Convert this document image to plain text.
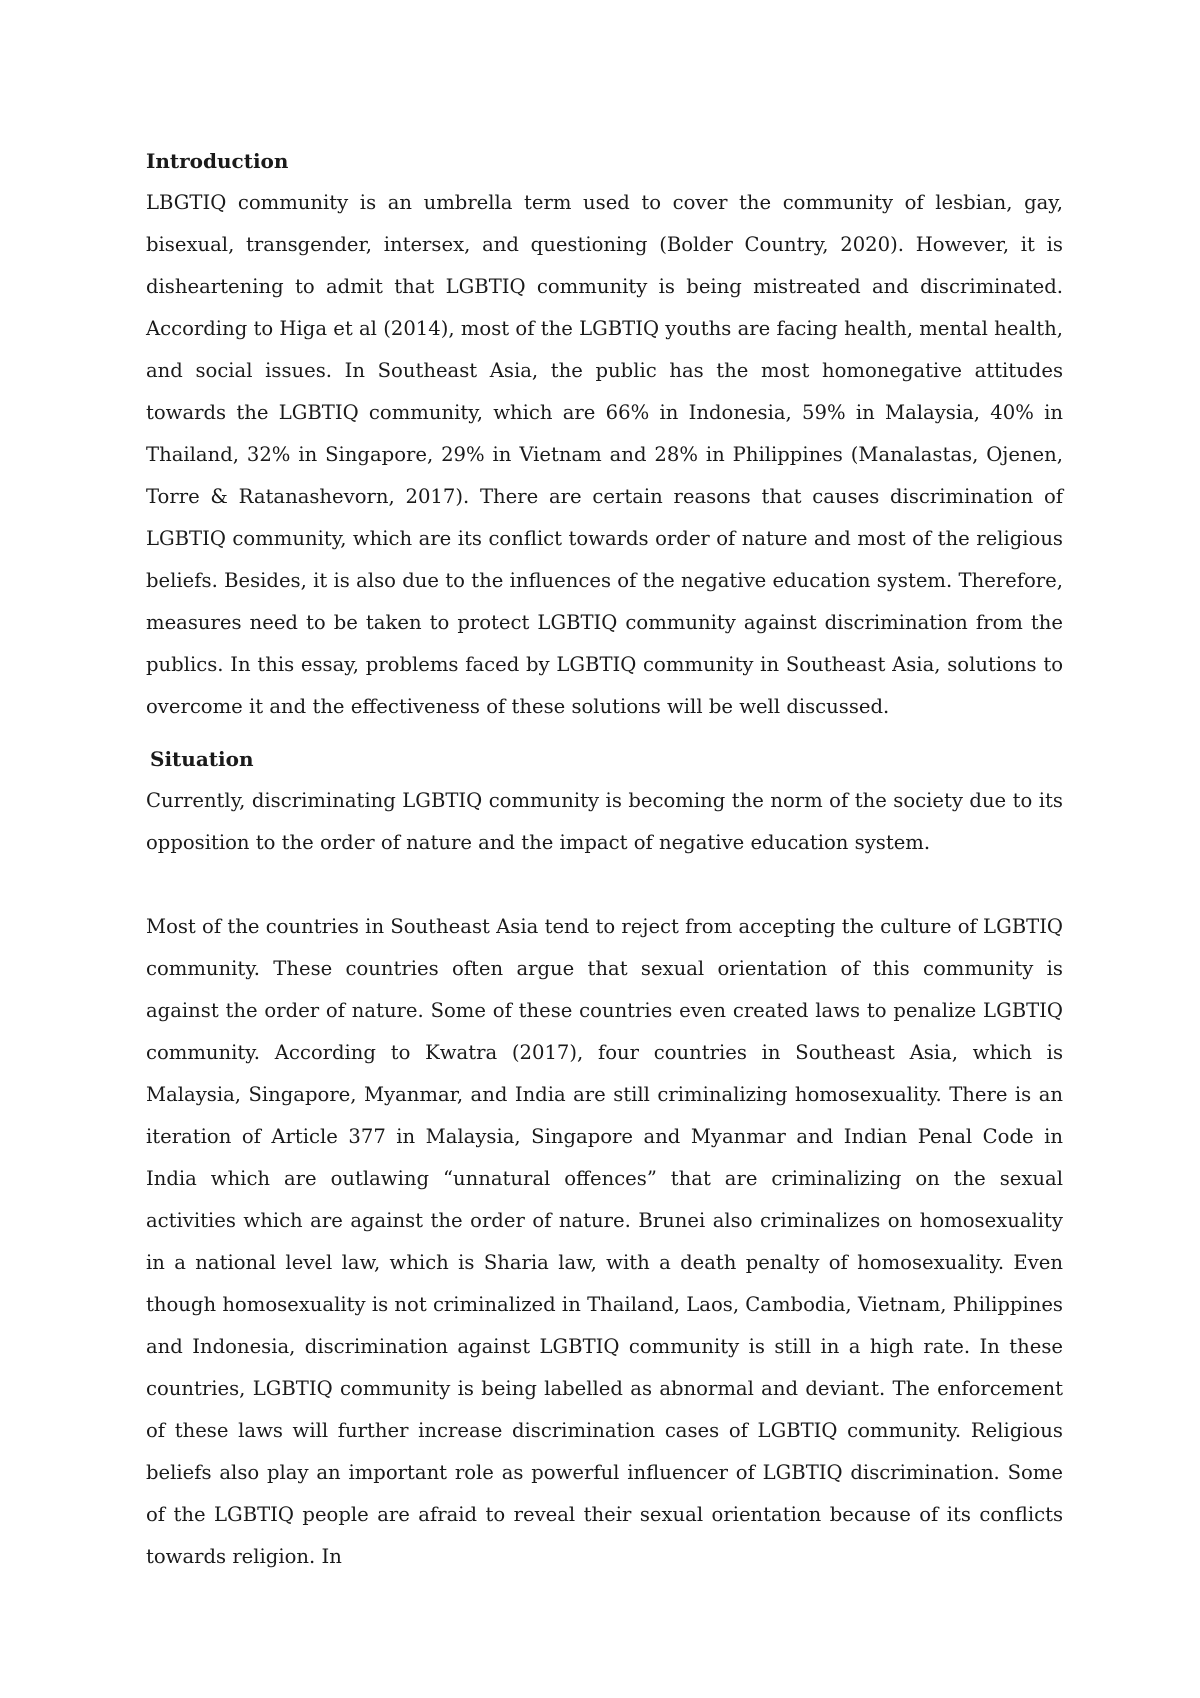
Introduction

LBGTIQ community is an umbrella term used to cover the community of lesbian, gay, bisexual, transgender, intersex, and questioning (Bolder Country, 2020). However, it is disheartening to admit that LGBTIQ community is being mistreated and discriminated. According to Higa et al (2014), most of the LGBTIQ youths are facing health, mental health, and social issues. In Southeast Asia, the public has the most homonegative attitudes towards the LGBTIQ community, which are 66% in Indonesia, 59% in Malaysia, 40% in Thailand, 32% in Singapore, 29% in Vietnam and 28% in Philippines (Manalastas, Ojenen, Torre & Ratanashevorn, 2017). There are certain reasons that causes discrimination of LGBTIQ community, which are its conflict towards order of nature and most of the religious beliefs. Besides, it is also due to the influences of the negative education system. Therefore, measures need to be taken to protect LGBTIQ community against discrimination from the publics. In this essay, problems faced by LGBTIQ community in Southeast Asia, solutions to overcome it and the effectiveness of these solutions will be well discussed.

Situation

Currently, discriminating LGBTIQ community is becoming the norm of the society due to its opposition to the order of nature and the impact of negative education system.

Most of the countries in Southeast Asia tend to reject from accepting the culture of LGBTIQ community. These countries often argue that sexual orientation of this community is against the order of nature. Some of these countries even created laws to penalize LGBTIQ community. According to Kwatra (2017), four countries in Southeast Asia, which is Malaysia, Singapore, Myanmar, and India are still criminalizing homosexuality. There is an iteration of Article 377 in Malaysia, Singapore and Myanmar and Indian Penal Code in India which are outlawing “unnatural offences” that are criminalizing on the sexual activities which are against the order of nature. Brunei also criminalizes on homosexuality in a national level law, which is Sharia law, with a death penalty of homosexuality. Even though homosexuality is not criminalized in Thailand, Laos, Cambodia, Vietnam, Philippines and Indonesia, discrimination against LGBTIQ community is still in a high rate. In these countries, LGBTIQ community is being labelled as abnormal and deviant. The enforcement of these laws will further increase discrimination cases of LGBTIQ community. Religious beliefs also play an important role as powerful influencer of LGBTIQ discrimination. Some of the LGBTIQ people are afraid to reveal their sexual orientation because of its conflicts towards religion. In
